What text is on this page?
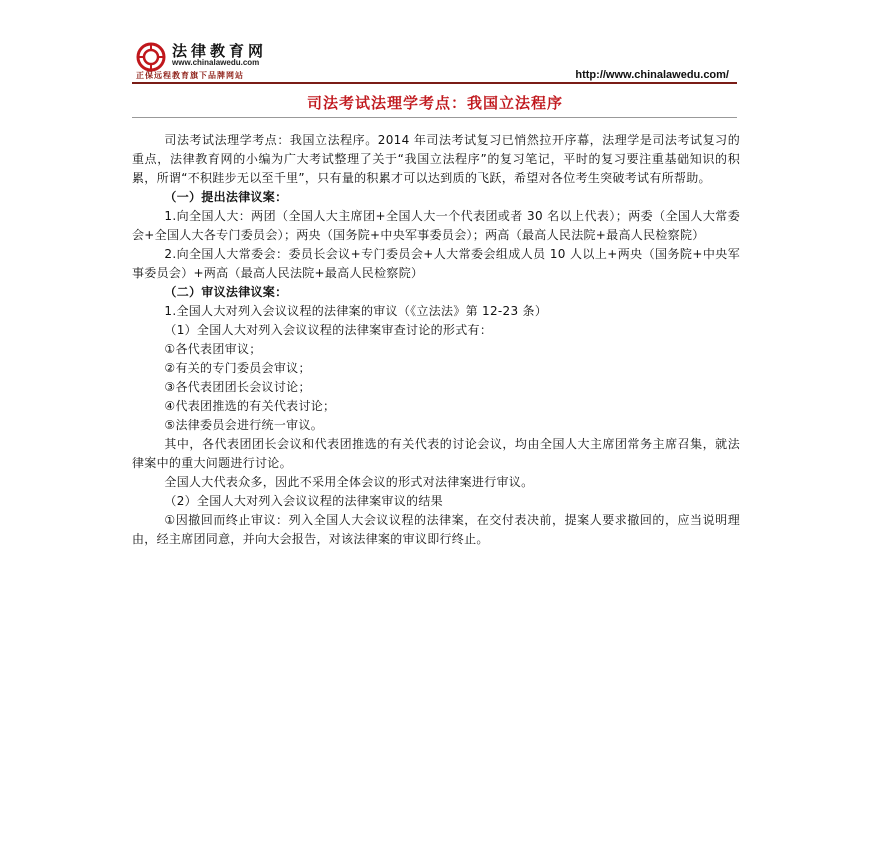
法律教育网
www.chinalawedu.com
正保远程教育旗下品牌网站	http://www.chinalawedu.com/
司法考试法理学考点：我国立法程序

司法考试法理学考点：我国立法程序。2014 年司法考试复习已悄然拉开序幕，法理学是司法考试复习的重点，法律教育网的小编为广大考试整理了关于“我国立法程序”的复习笔记，平时的复习要注重基础知识的积累，所谓“不积跬步无以至千里”，只有量的积累才可以达到质的飞跃，希望对各位考生突破考试有所帮助。

（一）提出法律议案：

1.向全国人大：两团（全国人大主席团+全国人大一个代表团或者 30 名以上代表）；两委（全国人大常委会+全国人大各专门委员会）；两央（国务院+中央军事委员会）；两高（最高人民法院+最高人民检察院）

2.向全国人大常委会：委员长会议+专门委员会+人大常委会组成人员 10 人以上+两央（国务院+中央军事委员会）+两高（最高人民法院+最高人民检察院）

（二）审议法律议案：

1.全国人大对列入会议议程的法律案的审议（《立法法》第 12-23 条）

（1）全国人大对列入会议议程的法律案审查讨论的形式有：

①各代表团审议；

②有关的专门委员会审议；

③各代表团团长会议讨论；

④代表团推选的有关代表讨论；

⑤法律委员会进行统一审议。

其中，各代表团团长会议和代表团推选的有关代表的讨论会议，均由全国人大主席团常务主席召集，就法律案中的重大问题进行讨论。

全国人大代表众多，因此不采用全体会议的形式对法律案进行审议。

（2）全国人大对列入会议议程的法律案审议的结果

①因撤回而终止审议：列入全国人大会议议程的法律案，在交付表决前，提案人要求撤回的，应当说明理由，经主席团同意，并向大会报告，对该法律案的审议即行终止。
